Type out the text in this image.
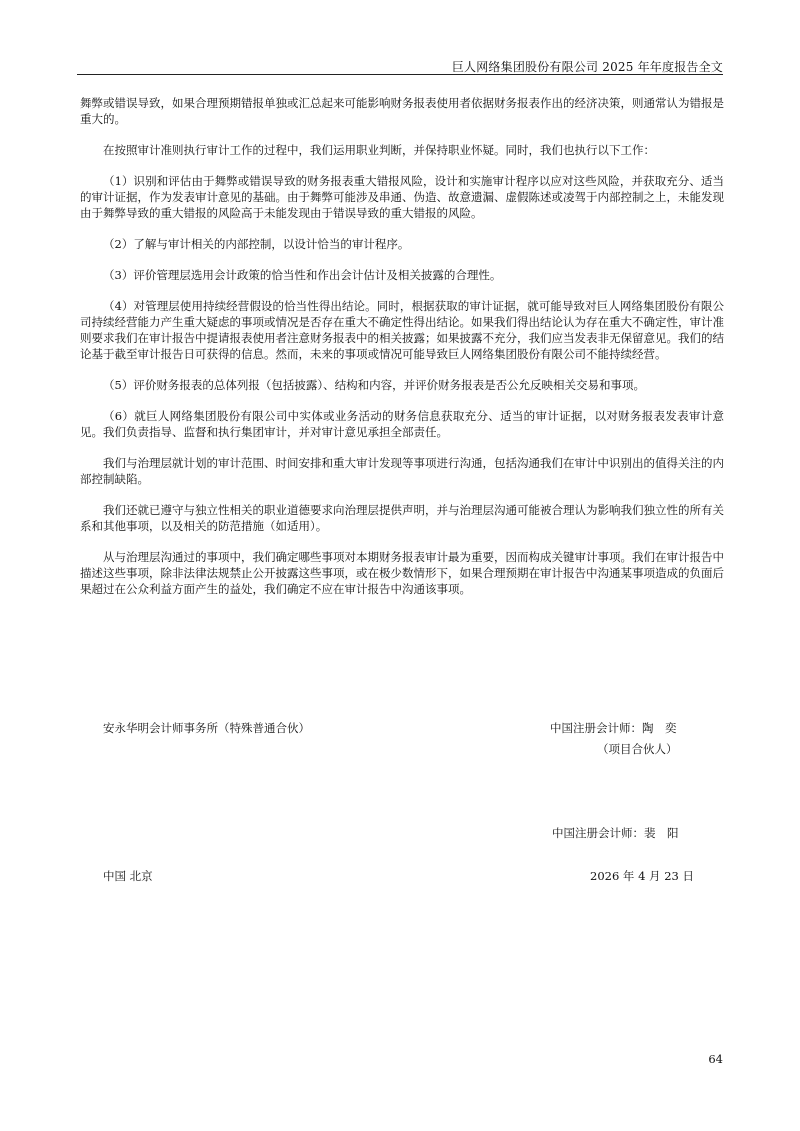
巨人网络集团股份有限公司 2025 年年度报告全文

舞弊或错误导致，如果合理预期错报单独或汇总起来可能影响财务报表使用者依据财务报表作出的经济决策，则通常认为错报是重大的。

在按照审计准则执行审计工作的过程中，我们运用职业判断，并保持职业怀疑。同时，我们也执行以下工作：

（1）识别和评估由于舞弊或错误导致的财务报表重大错报风险，设计和实施审计程序以应对这些风险，并获取充分、适当的审计证据，作为发表审计意见的基础。由于舞弊可能涉及串通、伪造、故意遗漏、虚假陈述或凌驾于内部控制之上，未能发现由于舞弊导致的重大错报的风险高于未能发现由于错误导致的重大错报的风险。

（2）了解与审计相关的内部控制，以设计恰当的审计程序。

（3）评价管理层选用会计政策的恰当性和作出会计估计及相关披露的合理性。

（4）对管理层使用持续经营假设的恰当性得出结论。同时，根据获取的审计证据，就可能导致对巨人网络集团股份有限公司持续经营能力产生重大疑虑的事项或情况是否存在重大不确定性得出结论。如果我们得出结论认为存在重大不确定性，审计准则要求我们在审计报告中提请报表使用者注意财务报表中的相关披露；如果披露不充分，我们应当发表非无保留意见。我们的结论基于截至审计报告日可获得的信息。然而，未来的事项或情况可能导致巨人网络集团股份有限公司不能持续经营。

（5）评价财务报表的总体列报（包括披露）、结构和内容，并评价财务报表是否公允反映相关交易和事项。

（6）就巨人网络集团股份有限公司中实体或业务活动的财务信息获取充分、适当的审计证据，以对财务报表发表审计意见。我们负责指导、监督和执行集团审计，并对审计意见承担全部责任。

我们与治理层就计划的审计范围、时间安排和重大审计发现等事项进行沟通，包括沟通我们在审计中识别出的值得关注的内部控制缺陷。

我们还就已遵守与独立性相关的职业道德要求向治理层提供声明，并与治理层沟通可能被合理认为影响我们独立性的所有关系和其他事项，以及相关的防范措施（如适用）。

从与治理层沟通过的事项中，我们确定哪些事项对本期财务报表审计最为重要，因而构成关键审计事项。我们在审计报告中描述这些事项，除非法律法规禁止公开披露这些事项，或在极少数情形下，如果合理预期在审计报告中沟通某事项造成的负面后果超过在公众利益方面产生的益处，我们确定不应在审计报告中沟通该事项。

安永华明会计师事务所（特殊普通合伙）	中国注册会计师：陶　奕
（项目合伙人）
中国注册会计师：裴　阳
中国 北京	2026 年 4 月 23 日
64
